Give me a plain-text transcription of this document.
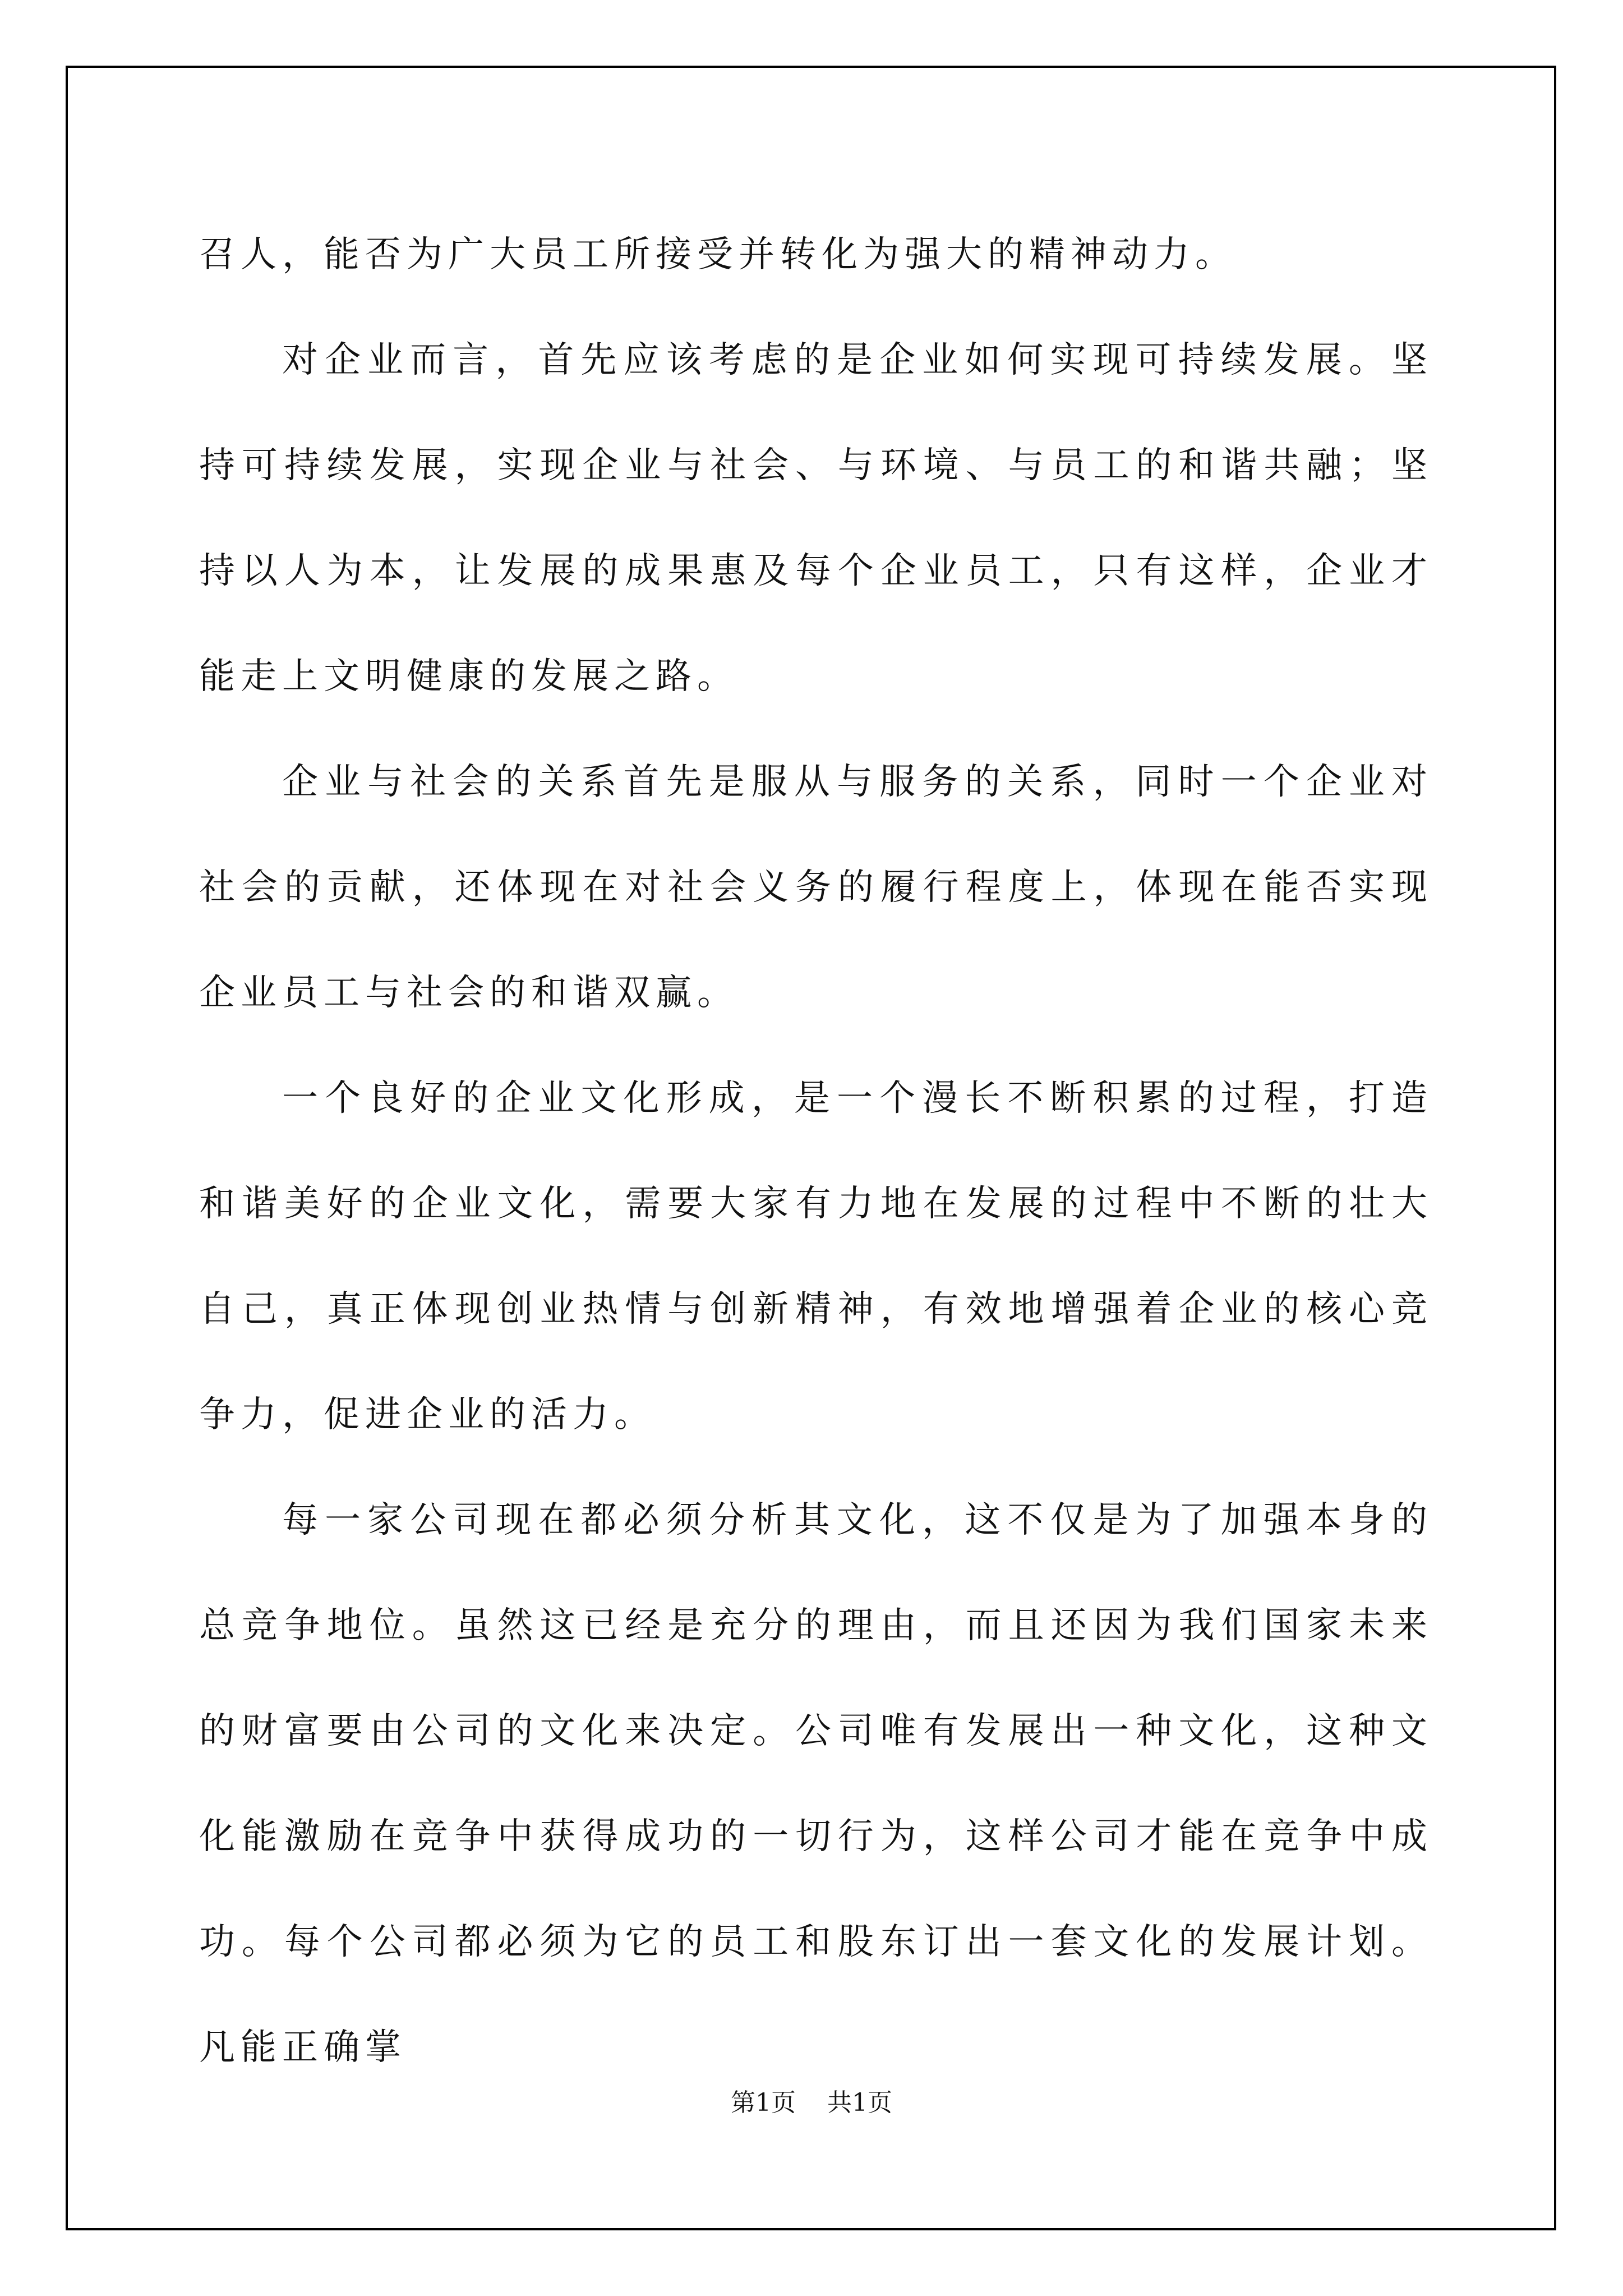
召人，能否为广大员工所接受并转化为强大的精神动力。

对企业而言，首先应该考虑的是企业如何实现可持续发展。坚持可持续发展，实现企业与社会、与环境、与员工的和谐共融；坚持以人为本，让发展的成果惠及每个企业员工，只有这样，企业才能走上文明健康的发展之路。

企业与社会的关系首先是服从与服务的关系，同时一个企业对社会的贡献，还体现在对社会义务的履行程度上，体现在能否实现企业员工与社会的和谐双赢。

一个良好的企业文化形成，是一个漫长不断积累的过程，打造和谐美好的企业文化，需要大家有力地在发展的过程中不断的壮大自己，真正体现创业热情与创新精神，有效地增强着企业的核心竞争力，促进企业的活力。

每一家公司现在都必须分析其文化，这不仅是为了加强本身的总竞争地位。虽然这已经是充分的理由，而且还因为我们国家未来的财富要由公司的文化来决定。公司唯有发展出一种文化，这种文化能激励在竞争中获得成功的一切行为，这样公司才能在竞争中成功。每个公司都必须为它的员工和股东订出一套文化的发展计划。凡能正确掌

第1页 共1页
